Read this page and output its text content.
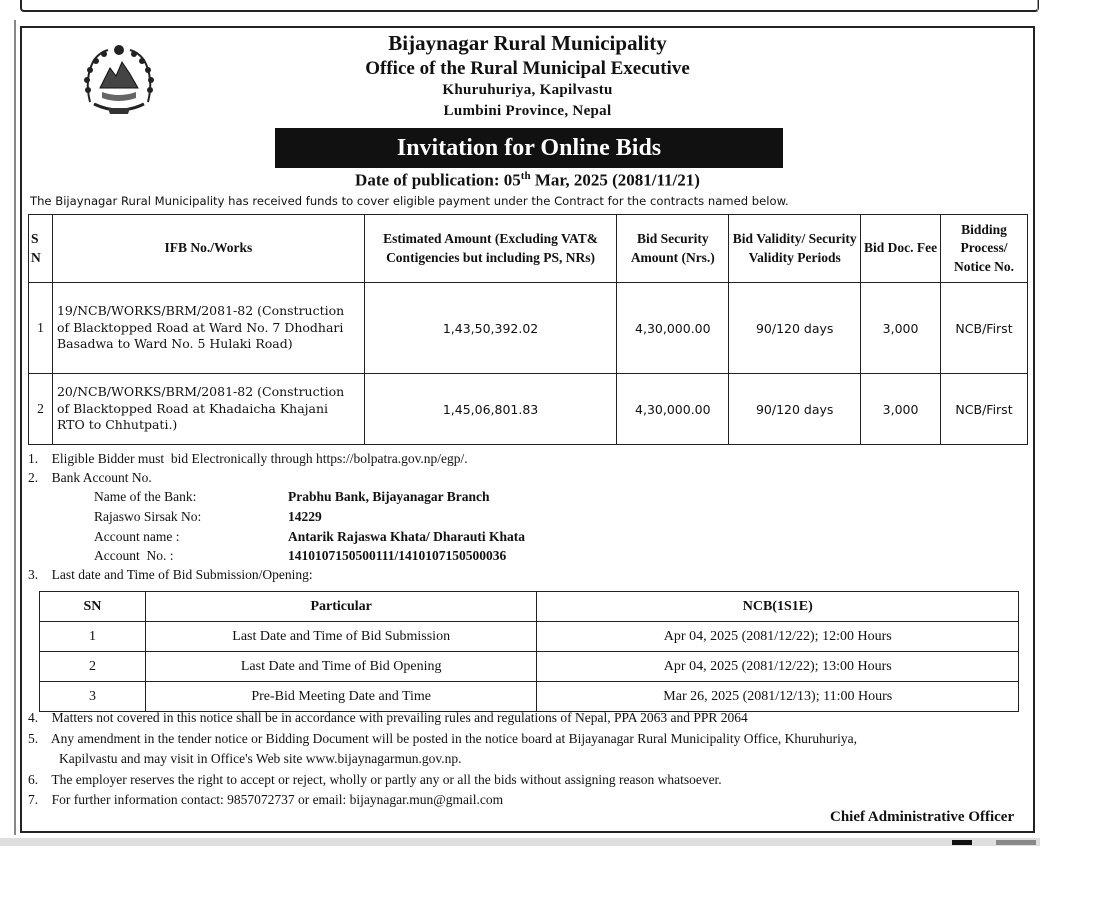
Bijaynagar Rural Municipality
Office of the Rural Municipal Executive
Khuruhuriya, Kapilvastu
Lumbini Province, Nepal
Invitation for Online Bids
Date of publication: 05th Mar, 2025 (2081/11/21)
The Bijaynagar Rural Municipality has received funds to cover eligible payment under the Contract for the contracts named below.
S
N	IFB No./Works	Estimated Amount (Excluding VAT& Contigencies but including PS, NRs)	Bid Security Amount (Nrs.)	Bid Validity/ Security Validity Periods	Bid Doc. Fee	Bidding Process/ Notice No.
1	19/NCB/WORKS/BRM/2081-82 (Construction of Blacktopped Road at Ward No. 7 Dhodhari Basadwa to Ward No. 5 Hulaki Road)	1,43,50,392.02	4,30,000.00	90/120 days	3,000	NCB/First
2	20/NCB/WORKS/BRM/2081-82 (Construction of Blacktopped Road at Khadaicha Khajani RTO to Chhutpati.)	1,45,06,801.83	4,30,000.00	90/120 days	3,000	NCB/First
1.    Eligible Bidder must  bid Electronically through https://bolpatra.gov.np/egp/.
2.    Bank Account No.
Name of the Bank:	Prabhu Bank, Bijayanagar Branch
Rajaswo Sirsak No:	14229
Account name :	Antarik Rajaswa Khata/ Dharauti Khata
Account  No. :	1410107150500111/1410107150500036
3.    Last date and Time of Bid Submission/Opening:
SN	Particular	NCB(1S1E)
1	Last Date and Time of Bid Submission	Apr 04, 2025 (2081/12/22); 12:00 Hours
2	Last Date and Time of Bid Opening	Apr 04, 2025 (2081/12/22); 13:00 Hours
3	Pre-Bid Meeting Date and Time	Mar 26, 2025 (2081/12/13); 11:00 Hours
4.    Matters not covered in this notice shall be in accordance with prevailing rules and regulations of Nepal, PPA 2063 and PPR 2064
5.    Any amendment in the tender notice or Bidding Document will be posted in the notice board at Bijayanagar Rural Municipality Office, Khuruhuriya,
Kapilvastu and may visit in Office's Web site www.bijaynagarmun.gov.np.
6.    The employer reserves the right to accept or reject, wholly or partly any or all the bids without assigning reason whatsoever.
7.    For further information contact: 9857072737 or email: bijaynagar.mun@gmail.com
Chief Administrative Officer
